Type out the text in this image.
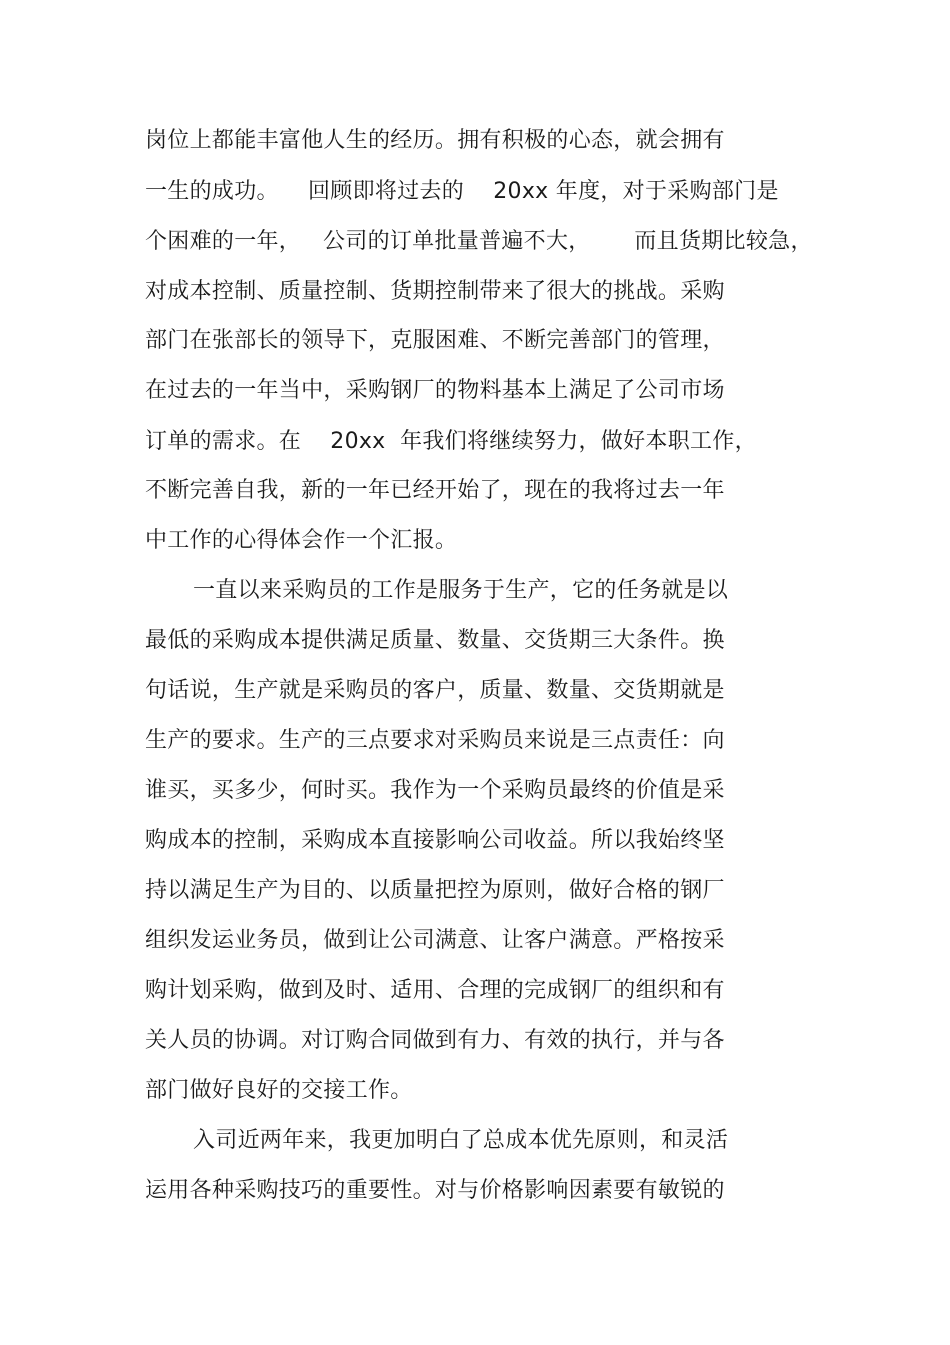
岗位上都能丰富他人生的经历。拥有积极的心态，就会拥有
一生的成功。    回顾即将过去的    20xx 年度，对于采购部门是
个困难的一年，   公司的订单批量普遍不大，      而且货期比较急，
对成本控制、质量控制、货期控制带来了很大的挑战。采购
部门在张部长的领导下，克服困难、不断完善部门的管理，
在过去的一年当中，采购钢厂的物料基本上满足了公司市场
订单的需求。在    20xx  年我们将继续努力，做好本职工作，
不断完善自我，新的一年已经开始了，现在的我将过去一年
中工作的心得体会作一个汇报。
一直以来采购员的工作是服务于生产，它的任务就是以
最低的采购成本提供满足质量、数量、交货期三大条件。换
句话说，生产就是采购员的客户，质量、数量、交货期就是
生产的要求。生产的三点要求对采购员来说是三点责任：向
谁买，买多少，何时买。我作为一个采购员最终的价值是采
购成本的控制，采购成本直接影响公司收益。所以我始终坚
持以满足生产为目的、以质量把控为原则，做好合格的钢厂
组织发运业务员，做到让公司满意、让客户满意。严格按采
购计划采购，做到及时、适用、合理的完成钢厂的组织和有
关人员的协调。对订购合同做到有力、有效的执行，并与各
部门做好良好的交接工作。
入司近两年来，我更加明白了总成本优先原则，和灵活
运用各种采购技巧的重要性。对与价格影响因素要有敏锐的
